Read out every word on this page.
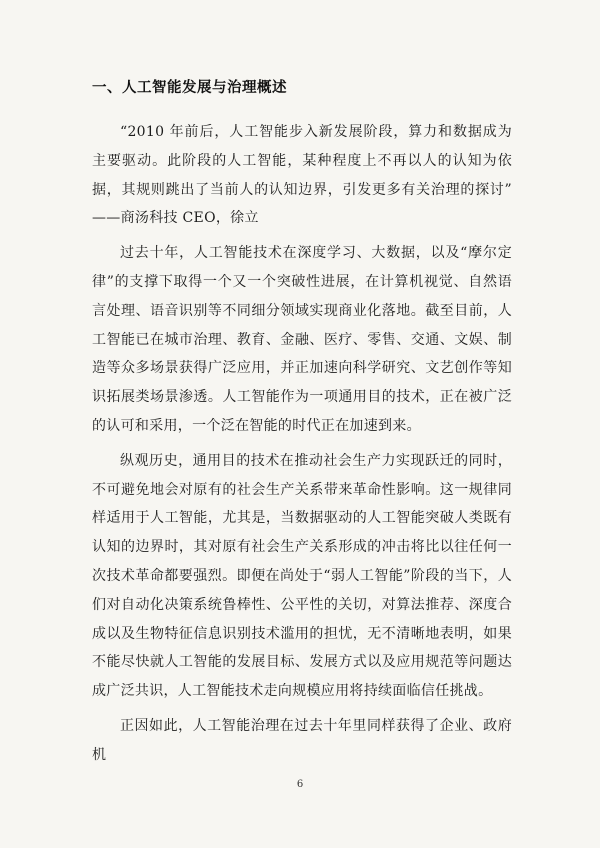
一、人工智能发展与治理概述

“2010 年前后，人工智能步入新发展阶段，算力和数据成为主要驱动。此阶段的人工智能，某种程度上不再以人的认知为依据，其规则跳出了当前人的认知边界，引发更多有关治理的探讨” ——商汤科技 CEO，徐立

过去十年，人工智能技术在深度学习、大数据，以及“摩尔定律”的支撑下取得一个又一个突破性进展，在计算机视觉、自然语言处理、语音识别等不同细分领域实现商业化落地。截至目前，人工智能已在城市治理、教育、金融、医疗、零售、交通、文娱、制造等众多场景获得广泛应用，并正加速向科学研究、文艺创作等知识拓展类场景渗透。人工智能作为一项通用目的技术，正在被广泛的认可和采用，一个泛在智能的时代正在加速到来。

纵观历史，通用目的技术在推动社会生产力实现跃迁的同时，不可避免地会对原有的社会生产关系带来革命性影响。这一规律同样适用于人工智能，尤其是，当数据驱动的人工智能突破人类既有认知的边界时，其对原有社会生产关系形成的冲击将比以往任何一次技术革命都要强烈。即便在尚处于“弱人工智能”阶段的当下，人们对自动化决策系统鲁棒性、公平性的关切，对算法推荐、深度合成以及生物特征信息识别技术滥用的担忧，无不清晰地表明，如果不能尽快就人工智能的发展目标、发展方式以及应用规范等问题达成广泛共识，人工智能技术走向规模应用将持续面临信任挑战。

正因如此，人工智能治理在过去十年里同样获得了企业、政府机

6
